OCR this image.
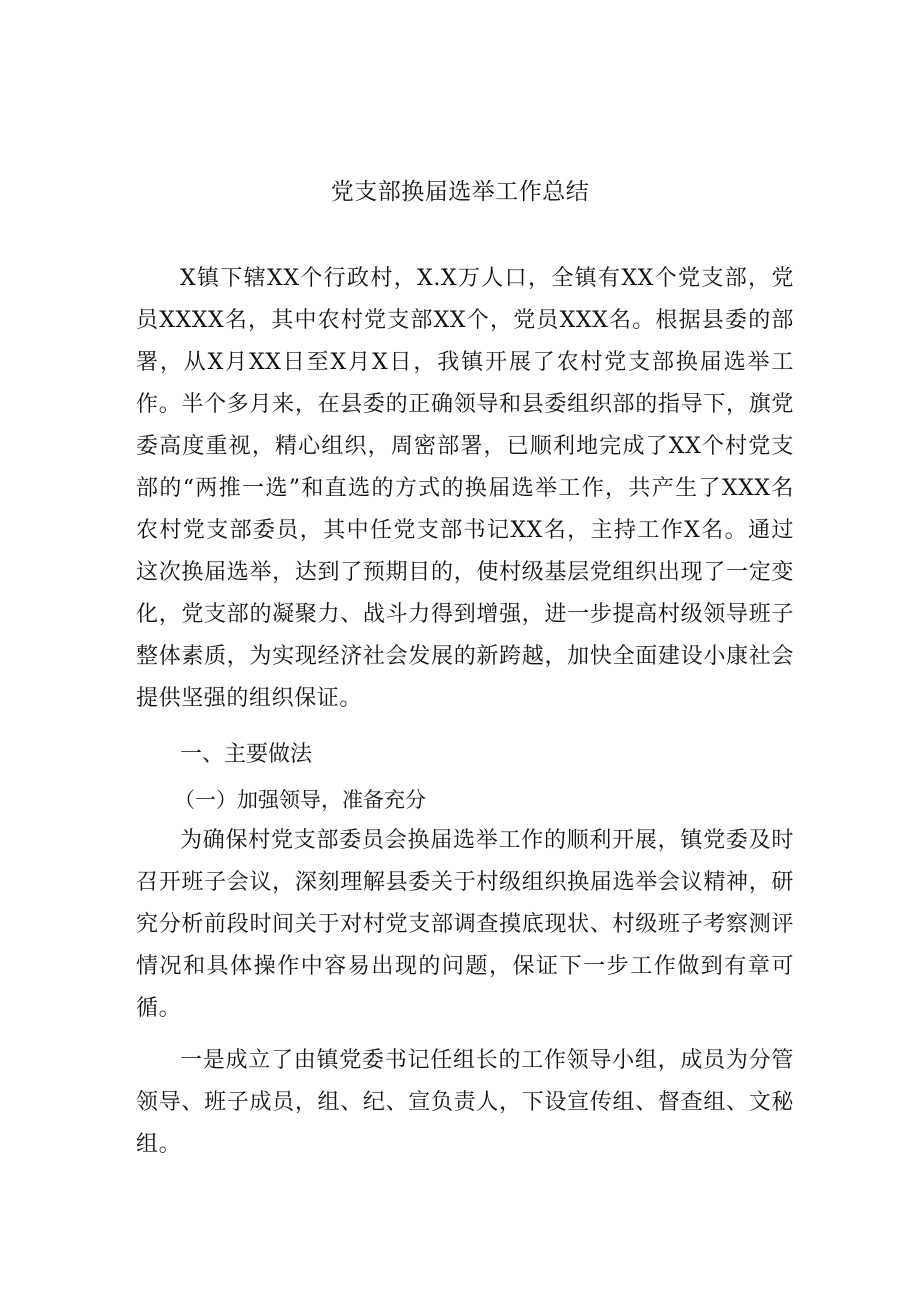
党支部换届选举工作总结

X镇下辖XX个行政村，X.X万人口，全镇有XX个党支部，党员XXXX名，其中农村党支部XX个，党员XXX名。根据县委的部署，从X月XX日至X月X日，我镇开展了农村党支部换届选举工作。半个多月来，在县委的正确领导和县委组织部的指导下，旗党委高度重视，精心组织，周密部署，已顺利地完成了XX个村党支部的“两推一选”和直选的方式的换届选举工作，共产生了XXX名农村党支部委员，其中任党支部书记XX名，主持工作X名。通过这次换届选举，达到了预期目的，使村级基层党组织出现了一定变化，党支部的凝聚力、战斗力得到增强，进一步提高村级领导班子整体素质，为实现经济社会发展的新跨越，加快全面建设小康社会提供坚强的组织保证。

一、主要做法
（一）加强领导，准备充分

为确保村党支部委员会换届选举工作的顺利开展，镇党委及时召开班子会议，深刻理解县委关于村级组织换届选举会议精神，研究分析前段时间关于对村党支部调查摸底现状、村级班子考察测评情况和具体操作中容易出现的问题，保证下一步工作做到有章可循。

一是成立了由镇党委书记任组长的工作领导小组，成员为分管领导、班子成员，组、纪、宣负责人，下设宣传组、督查组、文秘组。
